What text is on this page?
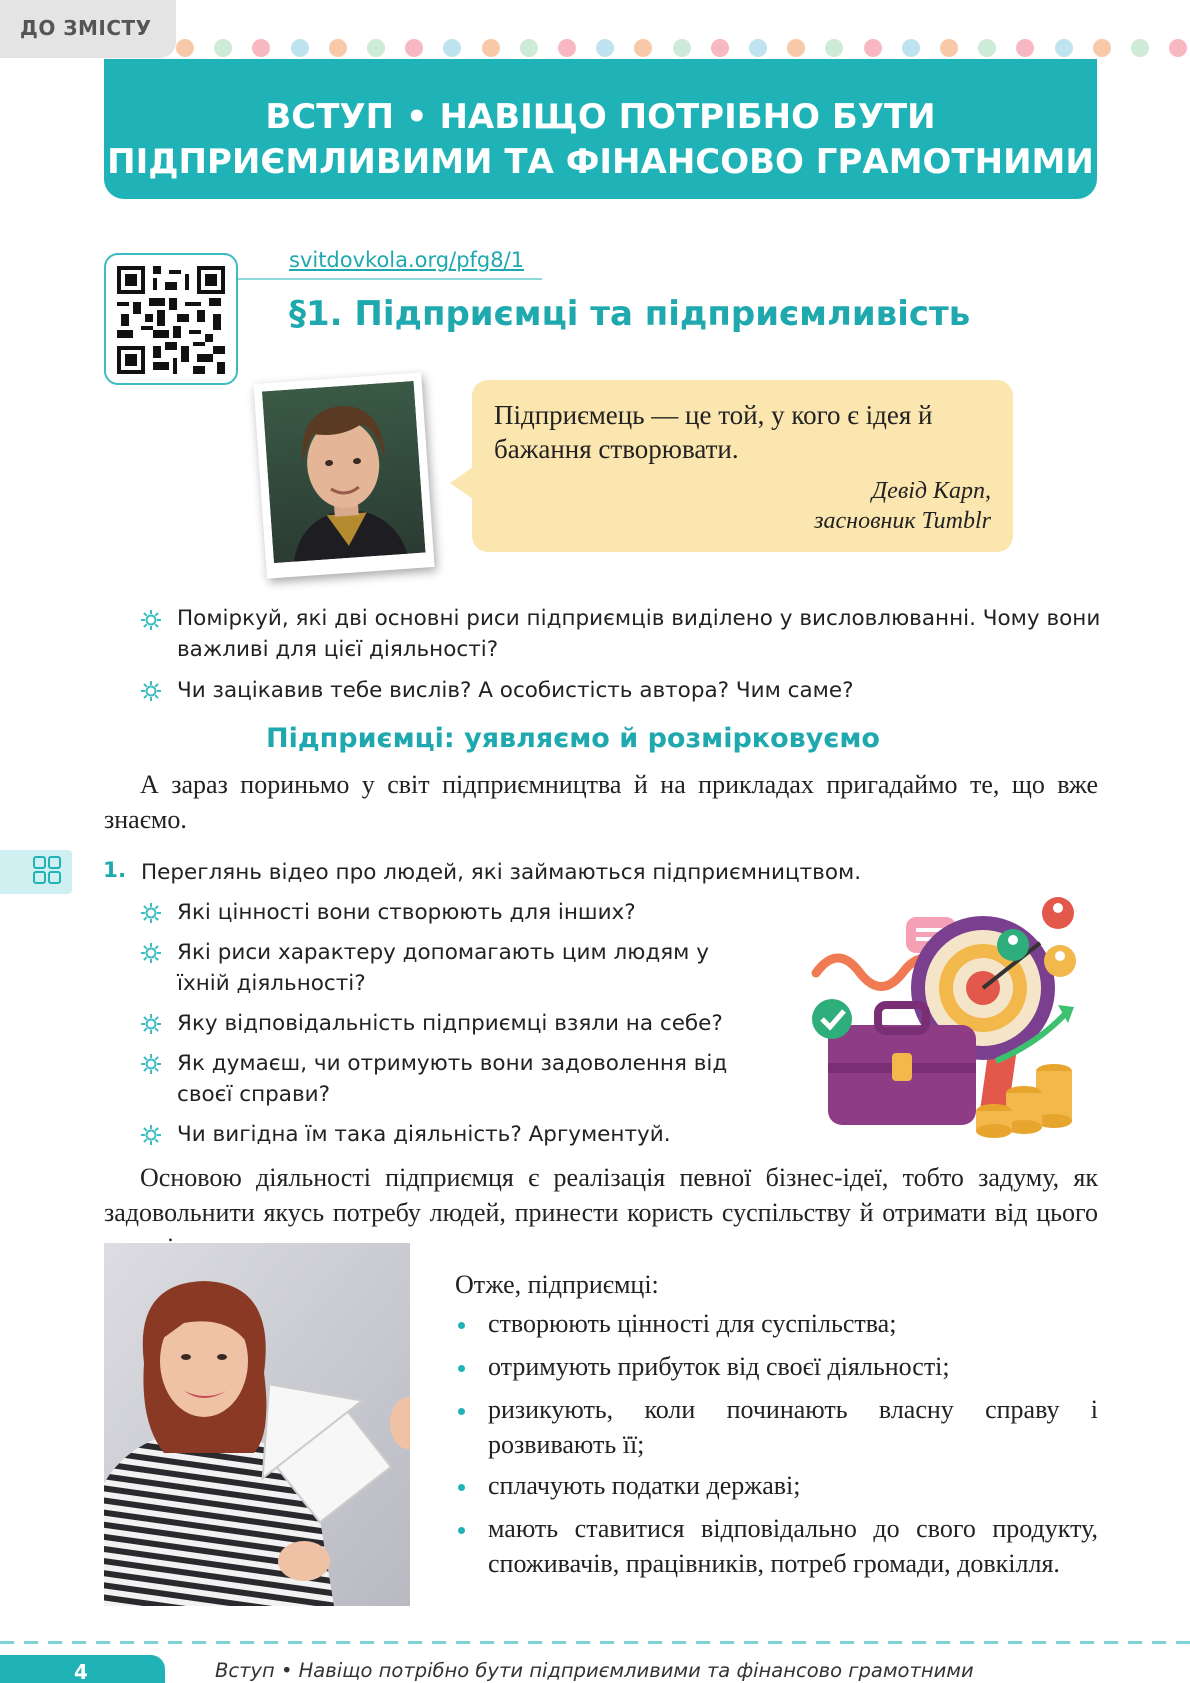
ДО ЗМІСТУ
ВСТУП • НАВІЩО ПОТРІБНО БУТИ
ПІДПРИЄМЛИВИМИ ТА ФІНАНСОВО ГРАМОТНИМИ
svitdovkola.org/pfg8/1
§1. Підприємці та підприємливість
Підприємець — це той, у кого є ідея й бажання створювати.
Девід Карп,
засновник Tumblr
Поміркуй, які дві основні риси підприємців виділено у висловлюванні. Чому вони важливі для цієї діяльності?
Чи зацікавив тебе вислів? А особистість автора? Чим саме?
Підприємці: уявляємо й розмірковуємо
А зараз пориньмо у світ підприємництва й на прикладах пригадаймо те, що вже знаємо.
1. Переглянь відео про людей, які займаються підприємництвом.
Які цінності вони створюють для інших?
Які риси характеру допомагають цим людям у їхній діяльності?
Яку відповідальність підприємці взяли на себе?
Як думаєш, чи отримують вони задоволення від своєї справи?
Чи вигідна їм така діяльність? Аргументуй.
Основою діяльності підприємця є реалізація певної бізнес-ідеї, тобто задуму, як задовольнити якусь потребу людей, принести користь суспільству й отримати від цього
Отже, підприємці:
створюють цінності для суспільства;
отримують прибуток від своєї діяльності;
ризикують, коли починають власну справу і розвивають її;
сплачують податки державі;
мають ставитися відповідально до свого продукту, споживачів, працівників, потреб громади, довкілля.
4	Вступ • Навіщо потрібно бути підприємливими та фінансово грамотними
